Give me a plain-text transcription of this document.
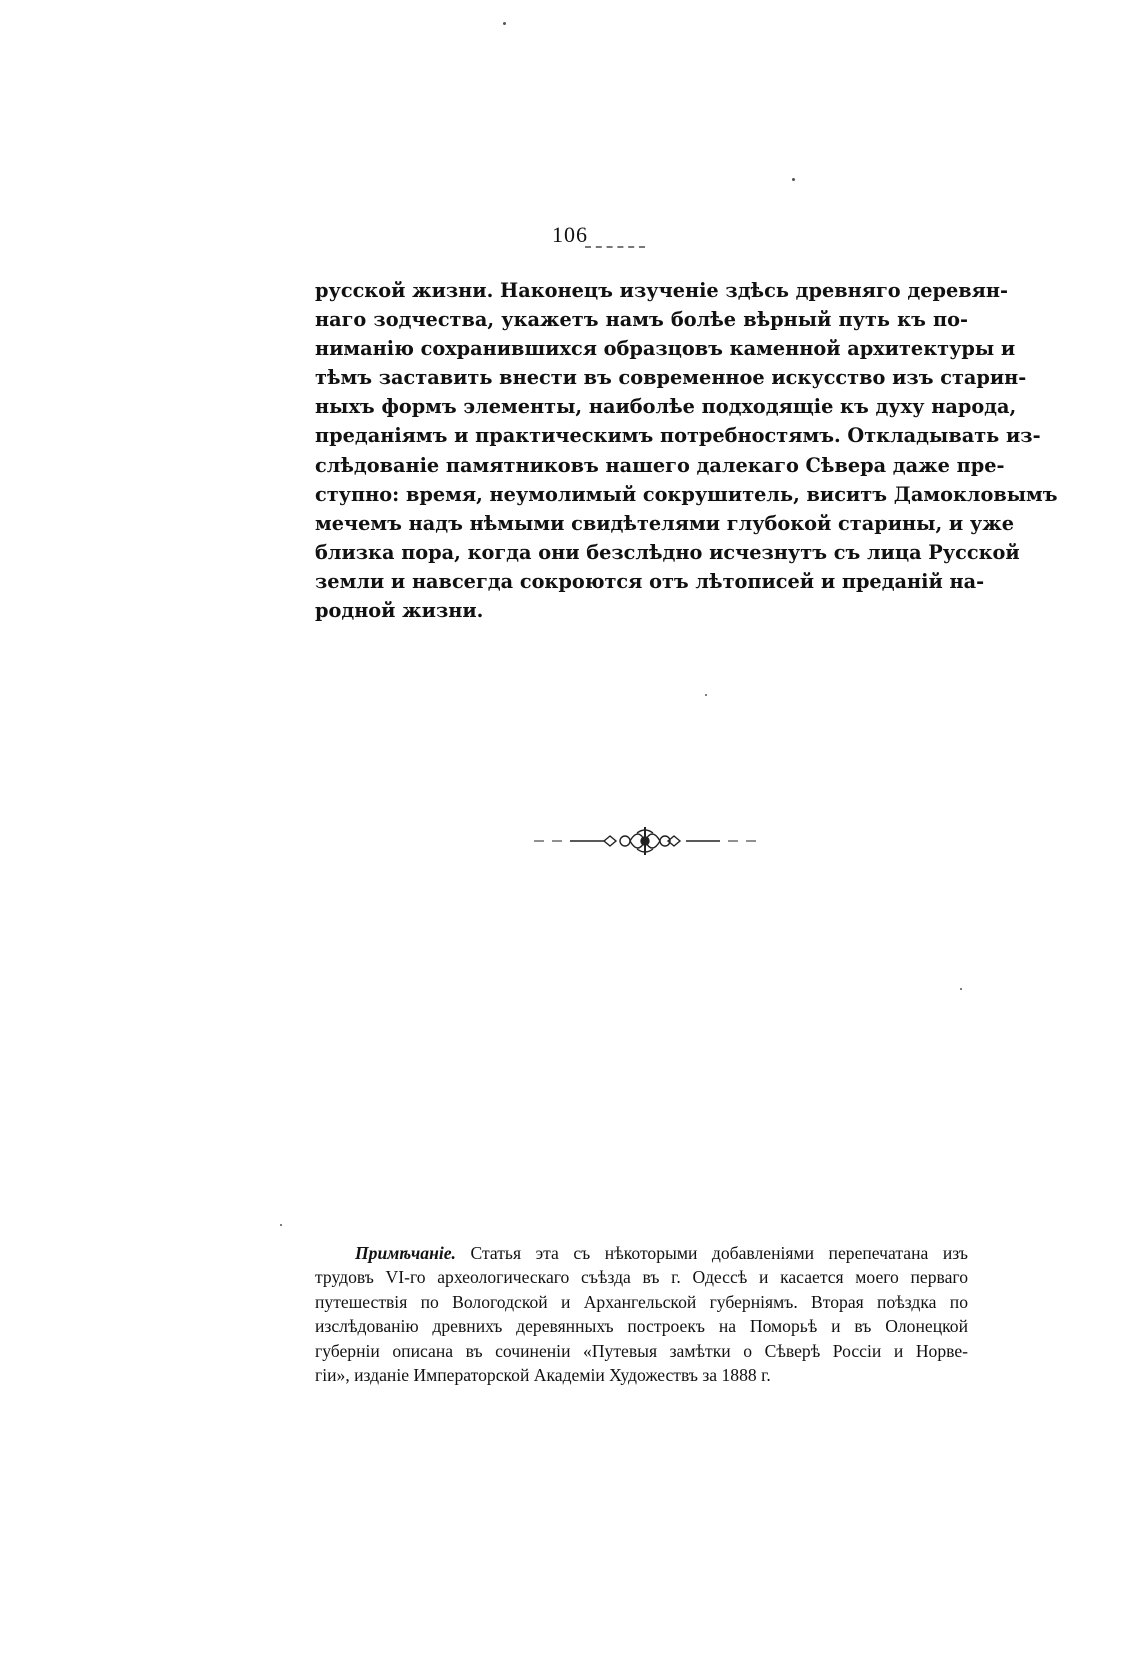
106
русской жизни. Наконецъ изученіе здѣсь древняго деревян-
наго зодчества, укажетъ намъ болѣе вѣрный путь къ по-
ниманію сохранившихся образцовъ каменной архитектуры и
тѣмъ заставить внести въ современное искусство изъ старин-
ныхъ формъ элементы, наиболѣе подходящіе къ духу народа,
преданіямъ и практическимъ потребностямъ. Откладывать из-
слѣдованіе памятниковъ нашего далекаго Сѣвера даже пре-
ступно: время, неумолимый сокрушитель, виситъ Дамокловымъ
мечемъ надъ нѣмыми свидѣтелями глубокой старины, и уже
близка пора, когда они безслѣдно исчезнутъ съ лица Русской
земли и навсегда сокроются отъ лѣтописей и преданій на-
родной жизни.
Примѣчаніе. Статья эта съ нѣкоторыми добавленіями перепечатана изъ
трудовъ VI-го археологическаго съѣзда въ г. Одессѣ и касается моего перваго
путешествія по Вологодской и Архангельской губерніямъ. Вторая поѣздка по
изслѣдованію древнихъ деревянныхъ построекъ на Поморьѣ и въ Олонецкой
губерніи описана въ сочиненіи «Путевыя замѣтки о Сѣверѣ Россіи и Норве-
гіи», изданіе Императорской Академіи Художествъ за 1888 г.
